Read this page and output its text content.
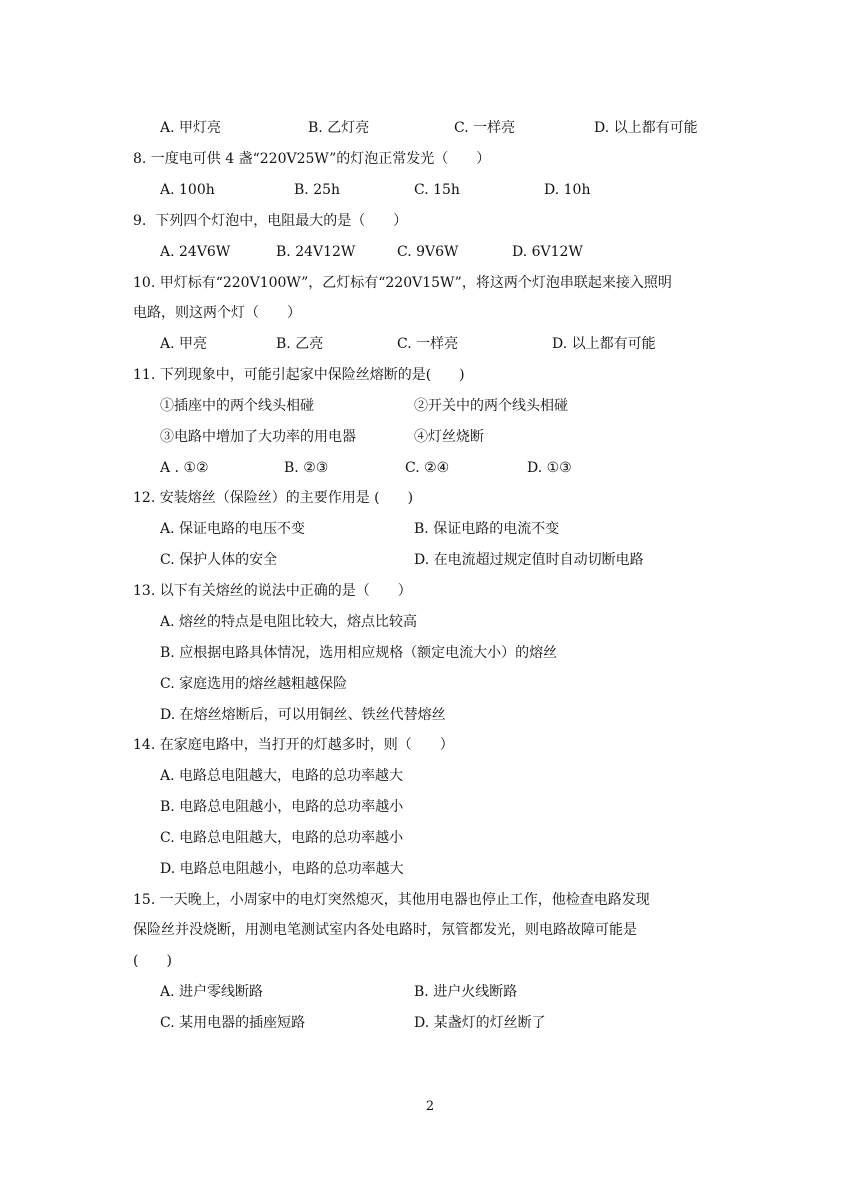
A. 甲灯亮	B. 乙灯亮	C. 一样亮	D. 以上都有可能
8. 一度电可供 4 盏“220V25W”的灯泡正常发光（　　）
A. 100h	B. 25h	C. 15h	D. 10h
9.  下列四个灯泡中，电阻最大的是（　　）
A. 24V6W	B. 24V12W	C. 9V6W	D. 6V12W
10. 甲灯标有“220V100W”，乙灯标有“220V15W”，将这两个灯泡串联起来接入照明
电路，则这两个灯（　　）
A. 甲亮	B. 乙亮	C. 一样亮	D. 以上都有可能
11. 下列现象中，可能引起家中保险丝熔断的是(　　)
①插座中的两个线头相碰	②开关中的两个线头相碰
③电路中增加了大功率的用电器	④灯丝烧断
A . ①②	B. ②③	C. ②④	D. ①③
12. 安装熔丝（保险丝）的主要作用是 (　　)
A. 保证电路的电压不变	B. 保证电路的电流不变
C. 保护人体的安全	D. 在电流超过规定值时自动切断电路
13. 以下有关熔丝的说法中正确的是（　　）
A. 熔丝的特点是电阻比较大，熔点比较高
B. 应根据电路具体情况，选用相应规格（额定电流大小）的熔丝
C. 家庭选用的熔丝越粗越保险
D. 在熔丝熔断后，可以用铜丝、铁丝代替熔丝
14. 在家庭电路中，当打开的灯越多时，则（　　）
A. 电路总电阻越大，电路的总功率越大
B. 电路总电阻越小，电路的总功率越小
C. 电路总电阻越大，电路的总功率越小
D. 电路总电阻越小，电路的总功率越大
15. 一天晚上，小周家中的电灯突然熄灭，其他用电器也停止工作，他检查电路发现
保险丝并没烧断，用测电笔测试室内各处电路时，氖管都发光，则电路故障可能是
(　　)
A. 进户零线断路	B. 进户火线断路
C. 某用电器的插座短路	D. 某盏灯的灯丝断了
2
